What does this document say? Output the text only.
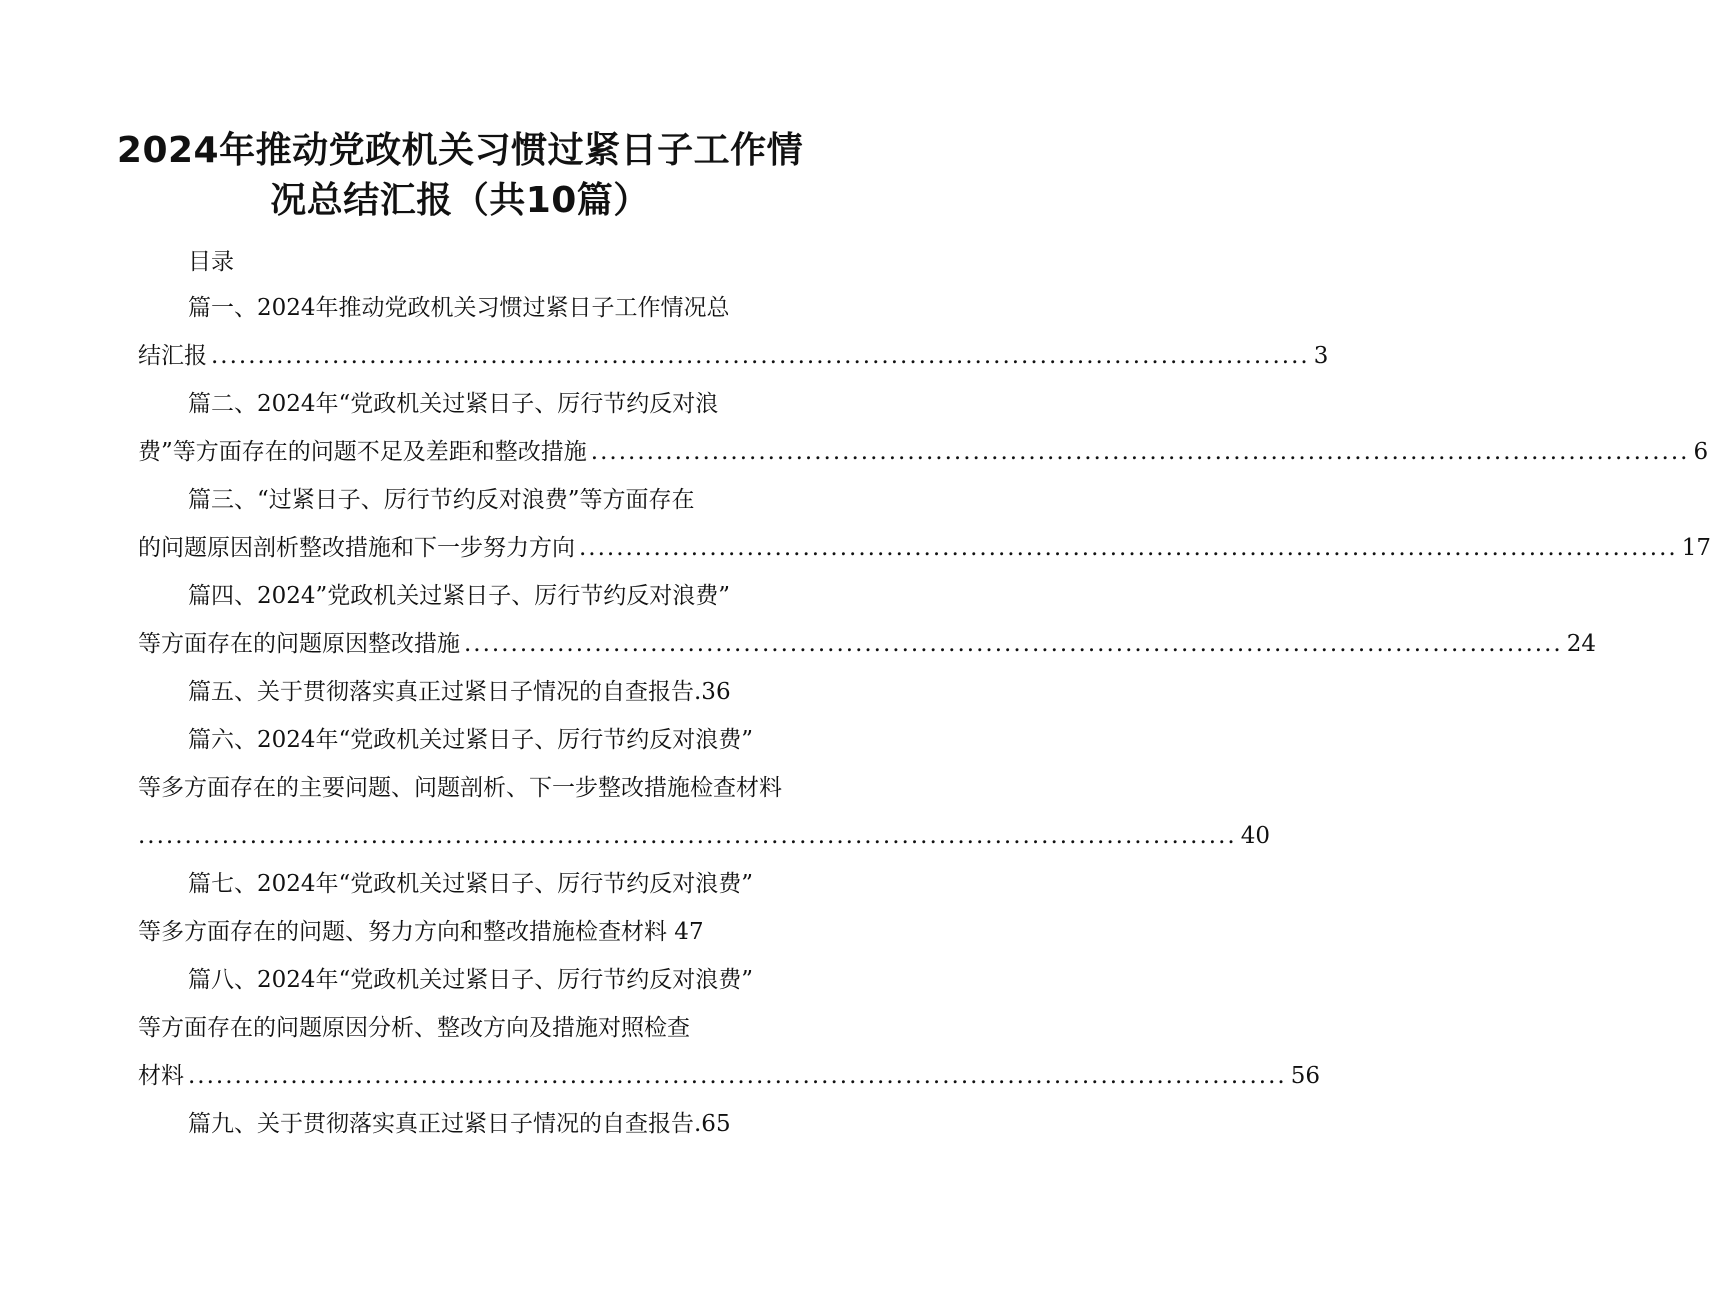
2024年推动党政机关习惯过紧日子工作情
况总结汇报（共10篇）
目录
篇一、2024年推动党政机关习惯过紧日子工作情况总
结汇报 ...................................................................................................................... 3
篇二、2024年“党政机关过紧日子、厉行节约反对浪
费”等方面存在的问题不足及差距和整改措施 ...................................................................................................................... 6
篇三、“过紧日子、厉行节约反对浪费”等方面存在
的问题原因剖析整改措施和下一步努力方向 ...................................................................................................................... 17
篇四、2024”党政机关过紧日子、厉行节约反对浪费”
等方面存在的问题原因整改措施 ...................................................................................................................... 24
篇五、关于贯彻落实真正过紧日子情况的自查报告.36
篇六、2024年“党政机关过紧日子、厉行节约反对浪费”
等多方面存在的主要问题、问题剖析、下一步整改措施检查材料
...................................................................................................................... 40
篇七、2024年“党政机关过紧日子、厉行节约反对浪费”
等多方面存在的问题、努力方向和整改措施检查材料 47
篇八、2024年“党政机关过紧日子、厉行节约反对浪费”
等方面存在的问题原因分析、整改方向及措施对照检查
材料 ...................................................................................................................... 56
篇九、关于贯彻落实真正过紧日子情况的自查报告.65
